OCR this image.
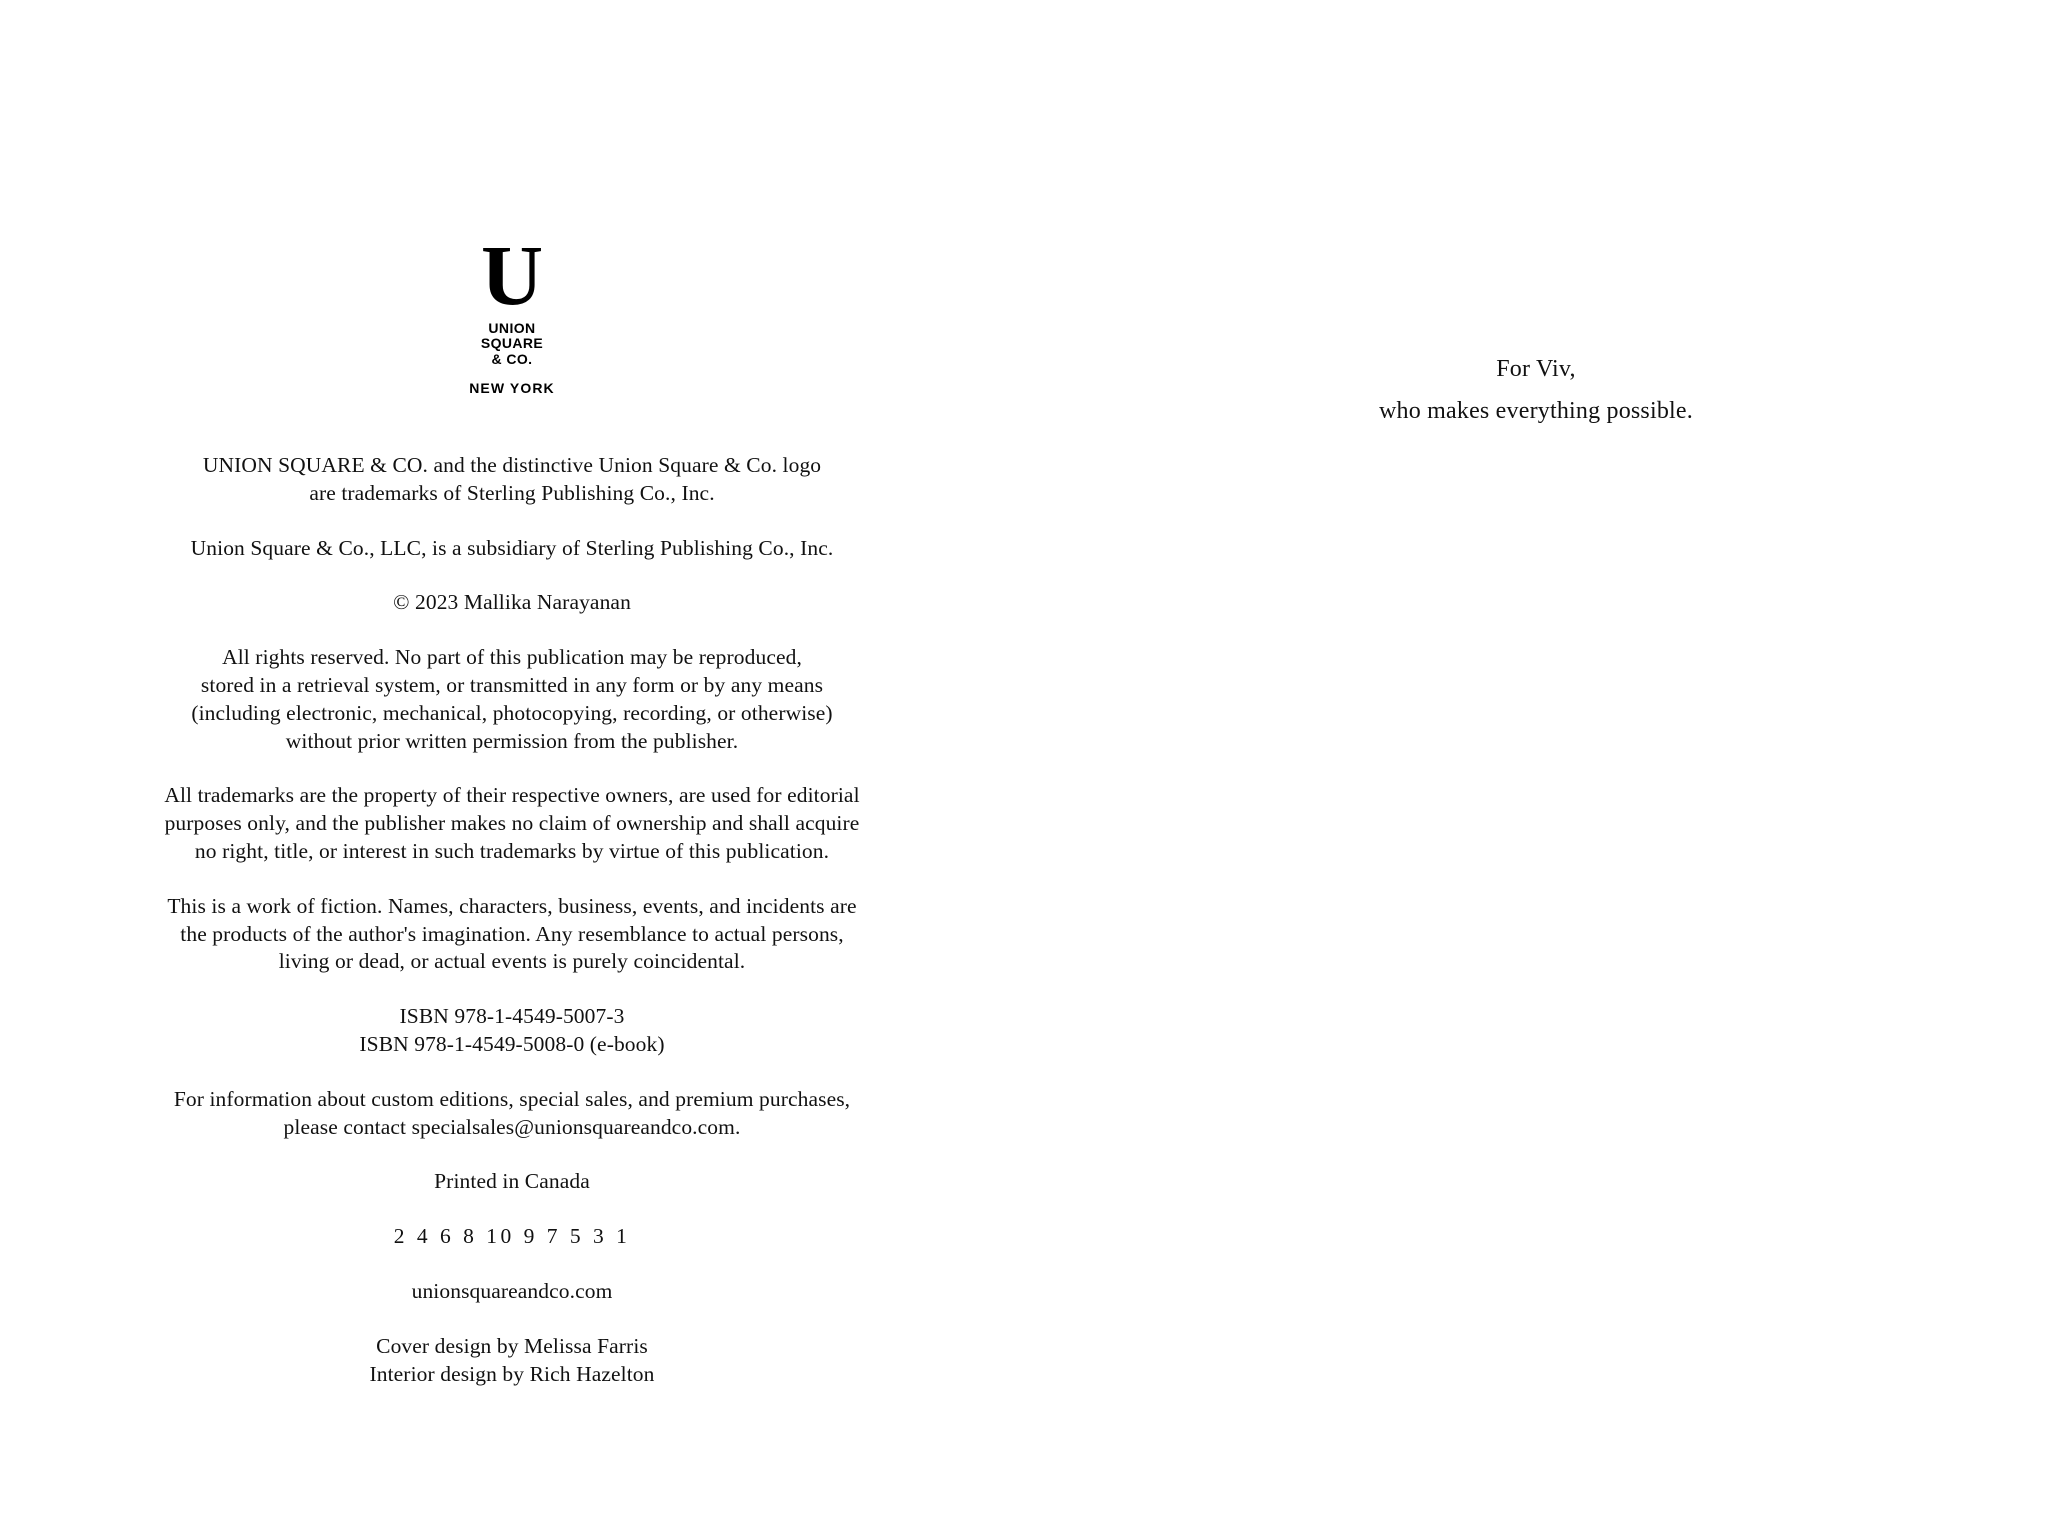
U
UNION
SQUARE
& CO.
NEW YORK

UNION SQUARE & CO. and the distinctive Union Square & Co. logo
are trademarks of Sterling Publishing Co., Inc.

Union Square & Co., LLC, is a subsidiary of Sterling Publishing Co., Inc.

© 2023 Mallika Narayanan

All rights reserved. No part of this publication may be reproduced,
stored in a retrieval system, or transmitted in any form or by any means
(including electronic, mechanical, photocopying, recording, or otherwise)
without prior written permission from the publisher.

All trademarks are the property of their respective owners, are used for editorial
purposes only, and the publisher makes no claim of ownership and shall acquire
no right, title, or interest in such trademarks by virtue of this publication.

This is a work of fiction. Names, characters, business, events, and incidents are
the products of the author's imagination. Any resemblance to actual persons,
living or dead, or actual events is purely coincidental.

ISBN 978-1-4549-5007-3
ISBN 978-1-4549-5008-0 (e-book)

For information about custom editions, special sales, and premium purchases,
please contact specialsales@unionsquareandco.com.

Printed in Canada

2 4 6 8 10 9 7 5 3 1

unionsquareandco.com

Cover design by Melissa Farris
Interior design by Rich Hazelton

For Viv,
who makes everything possible.
